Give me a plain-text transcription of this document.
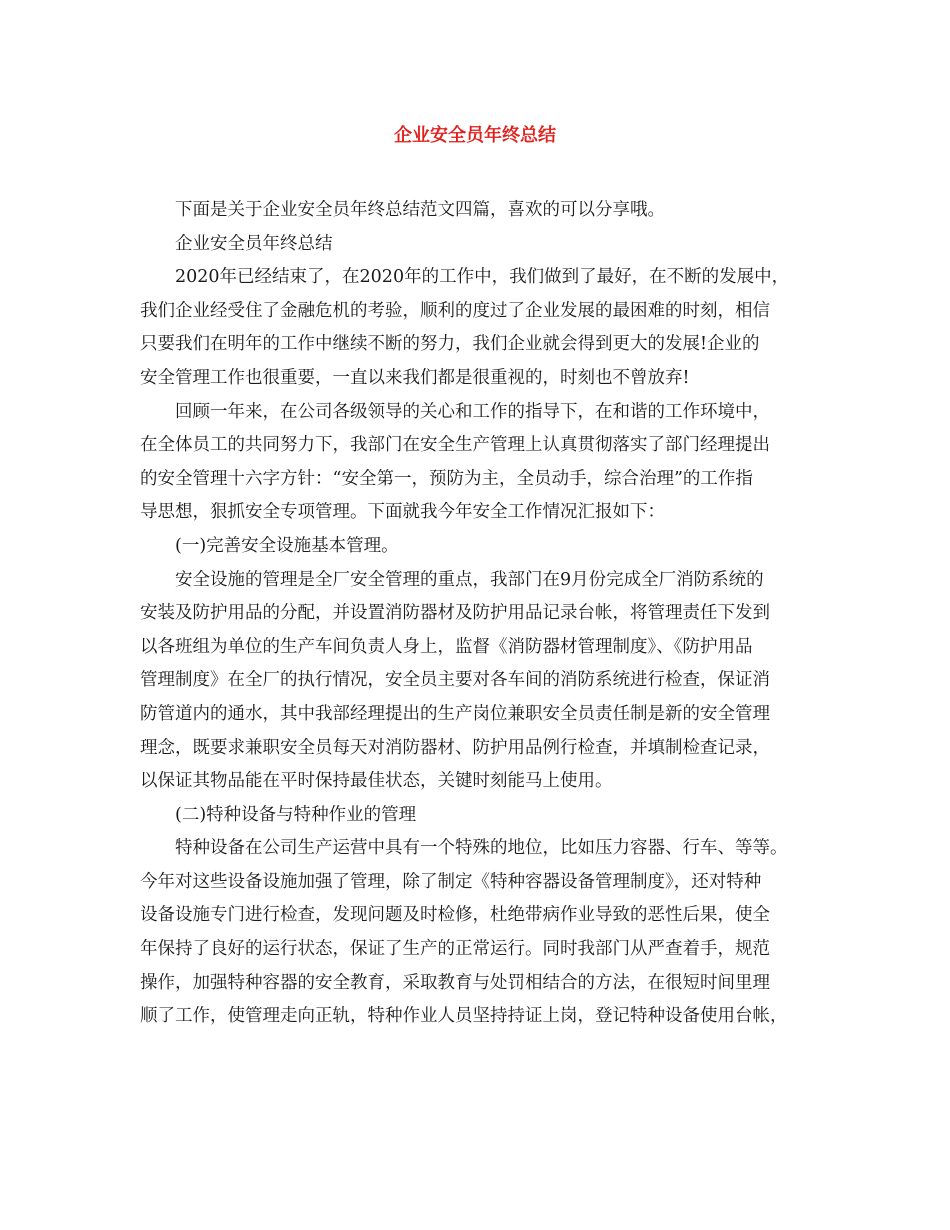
企业安全员年终总结
下面是关于企业安全员年终总结范文四篇，喜欢的可以分享哦。
企业安全员年终总结
2020年已经结束了，在2020年的工作中，我们做到了最好，在不断的发展中，
我们企业经受住了金融危机的考验，顺利的度过了企业发展的最困难的时刻，相信
只要我们在明年的工作中继续不断的努力，我们企业就会得到更大的发展!企业的
安全管理工作也很重要，一直以来我们都是很重视的，时刻也不曾放弃!
回顾一年来，在公司各级领导的关心和工作的指导下，在和谐的工作环境中，
在全体员工的共同努力下，我部门在安全生产管理上认真贯彻落实了部门经理提出
的安全管理十六字方针：“安全第一，预防为主，全员动手，综合治理”的工作指
导思想，狠抓安全专项管理。下面就我今年安全工作情况汇报如下：
(一)完善安全设施基本管理。
安全设施的管理是全厂安全管理的重点，我部门在9月份完成全厂消防系统的
安装及防护用品的分配，并设置消防器材及防护用品记录台帐，将管理责任下发到
以各班组为单位的生产车间负责人身上，监督《消防器材管理制度》、《防护用品
管理制度》在全厂的执行情况，安全员主要对各车间的消防系统进行检查，保证消
防管道内的通水，其中我部经理提出的生产岗位兼职安全员责任制是新的安全管理
理念，既要求兼职安全员每天对消防器材、防护用品例行检查，并填制检查记录，
以保证其物品能在平时保持最佳状态，关键时刻能马上使用。
(二)特种设备与特种作业的管理
特种设备在公司生产运营中具有一个特殊的地位，比如压力容器、行车、等等。
今年对这些设备设施加强了管理，除了制定《特种容器设备管理制度》，还对特种
设备设施专门进行检查，发现问题及时检修，杜绝带病作业导致的恶性后果，使全
年保持了良好的运行状态，保证了生产的正常运行。同时我部门从严查着手，规范
操作，加强特种容器的安全教育，采取教育与处罚相结合的方法，在很短时间里理
顺了工作，使管理走向正轨，特种作业人员坚持持证上岗，登记特种设备使用台帐，
